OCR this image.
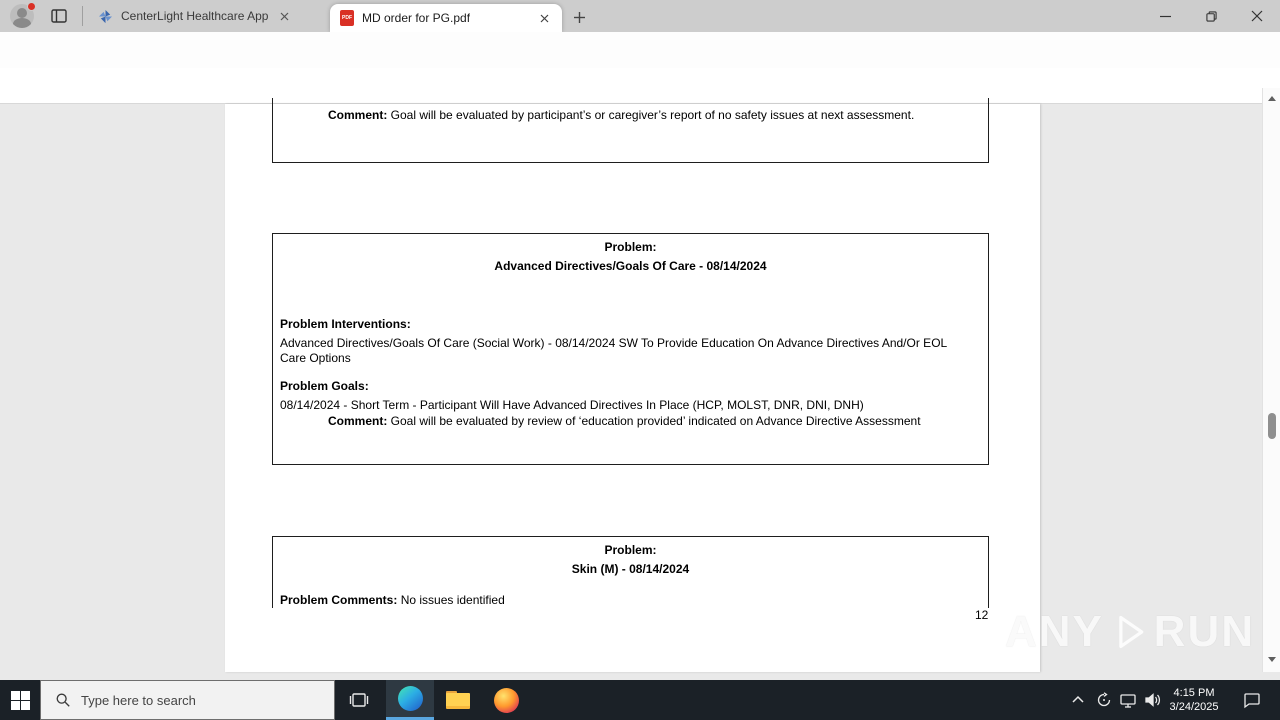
CenterLight Healthcare App	PDF MD order for PG.pdf
12
Comment: Goal will be evaluated by participant’s or caregiver’s report of no safety issues at next assessment.
Problem:
Advanced Directives/Goals Of Care - 08/14/2024
Problem Interventions:
Advanced Directives/Goals Of Care (Social Work) - 08/14/2024 SW To Provide Education On Advance Directives And/Or EOL Care Options
Problem Goals:
08/14/2024 - Short Term - Participant Will Have Advanced Directives In Place (HCP, MOLST, DNR, DNI, DNH)
Comment: Goal will be evaluated by review of ‘education provided’ indicated on Advance Directive Assessment
Problem:
Skin (M) - 08/14/2024
Problem Comments: No issues identified
12 ANY RUN
Type here to search	4:15 PM
3/24/2025
